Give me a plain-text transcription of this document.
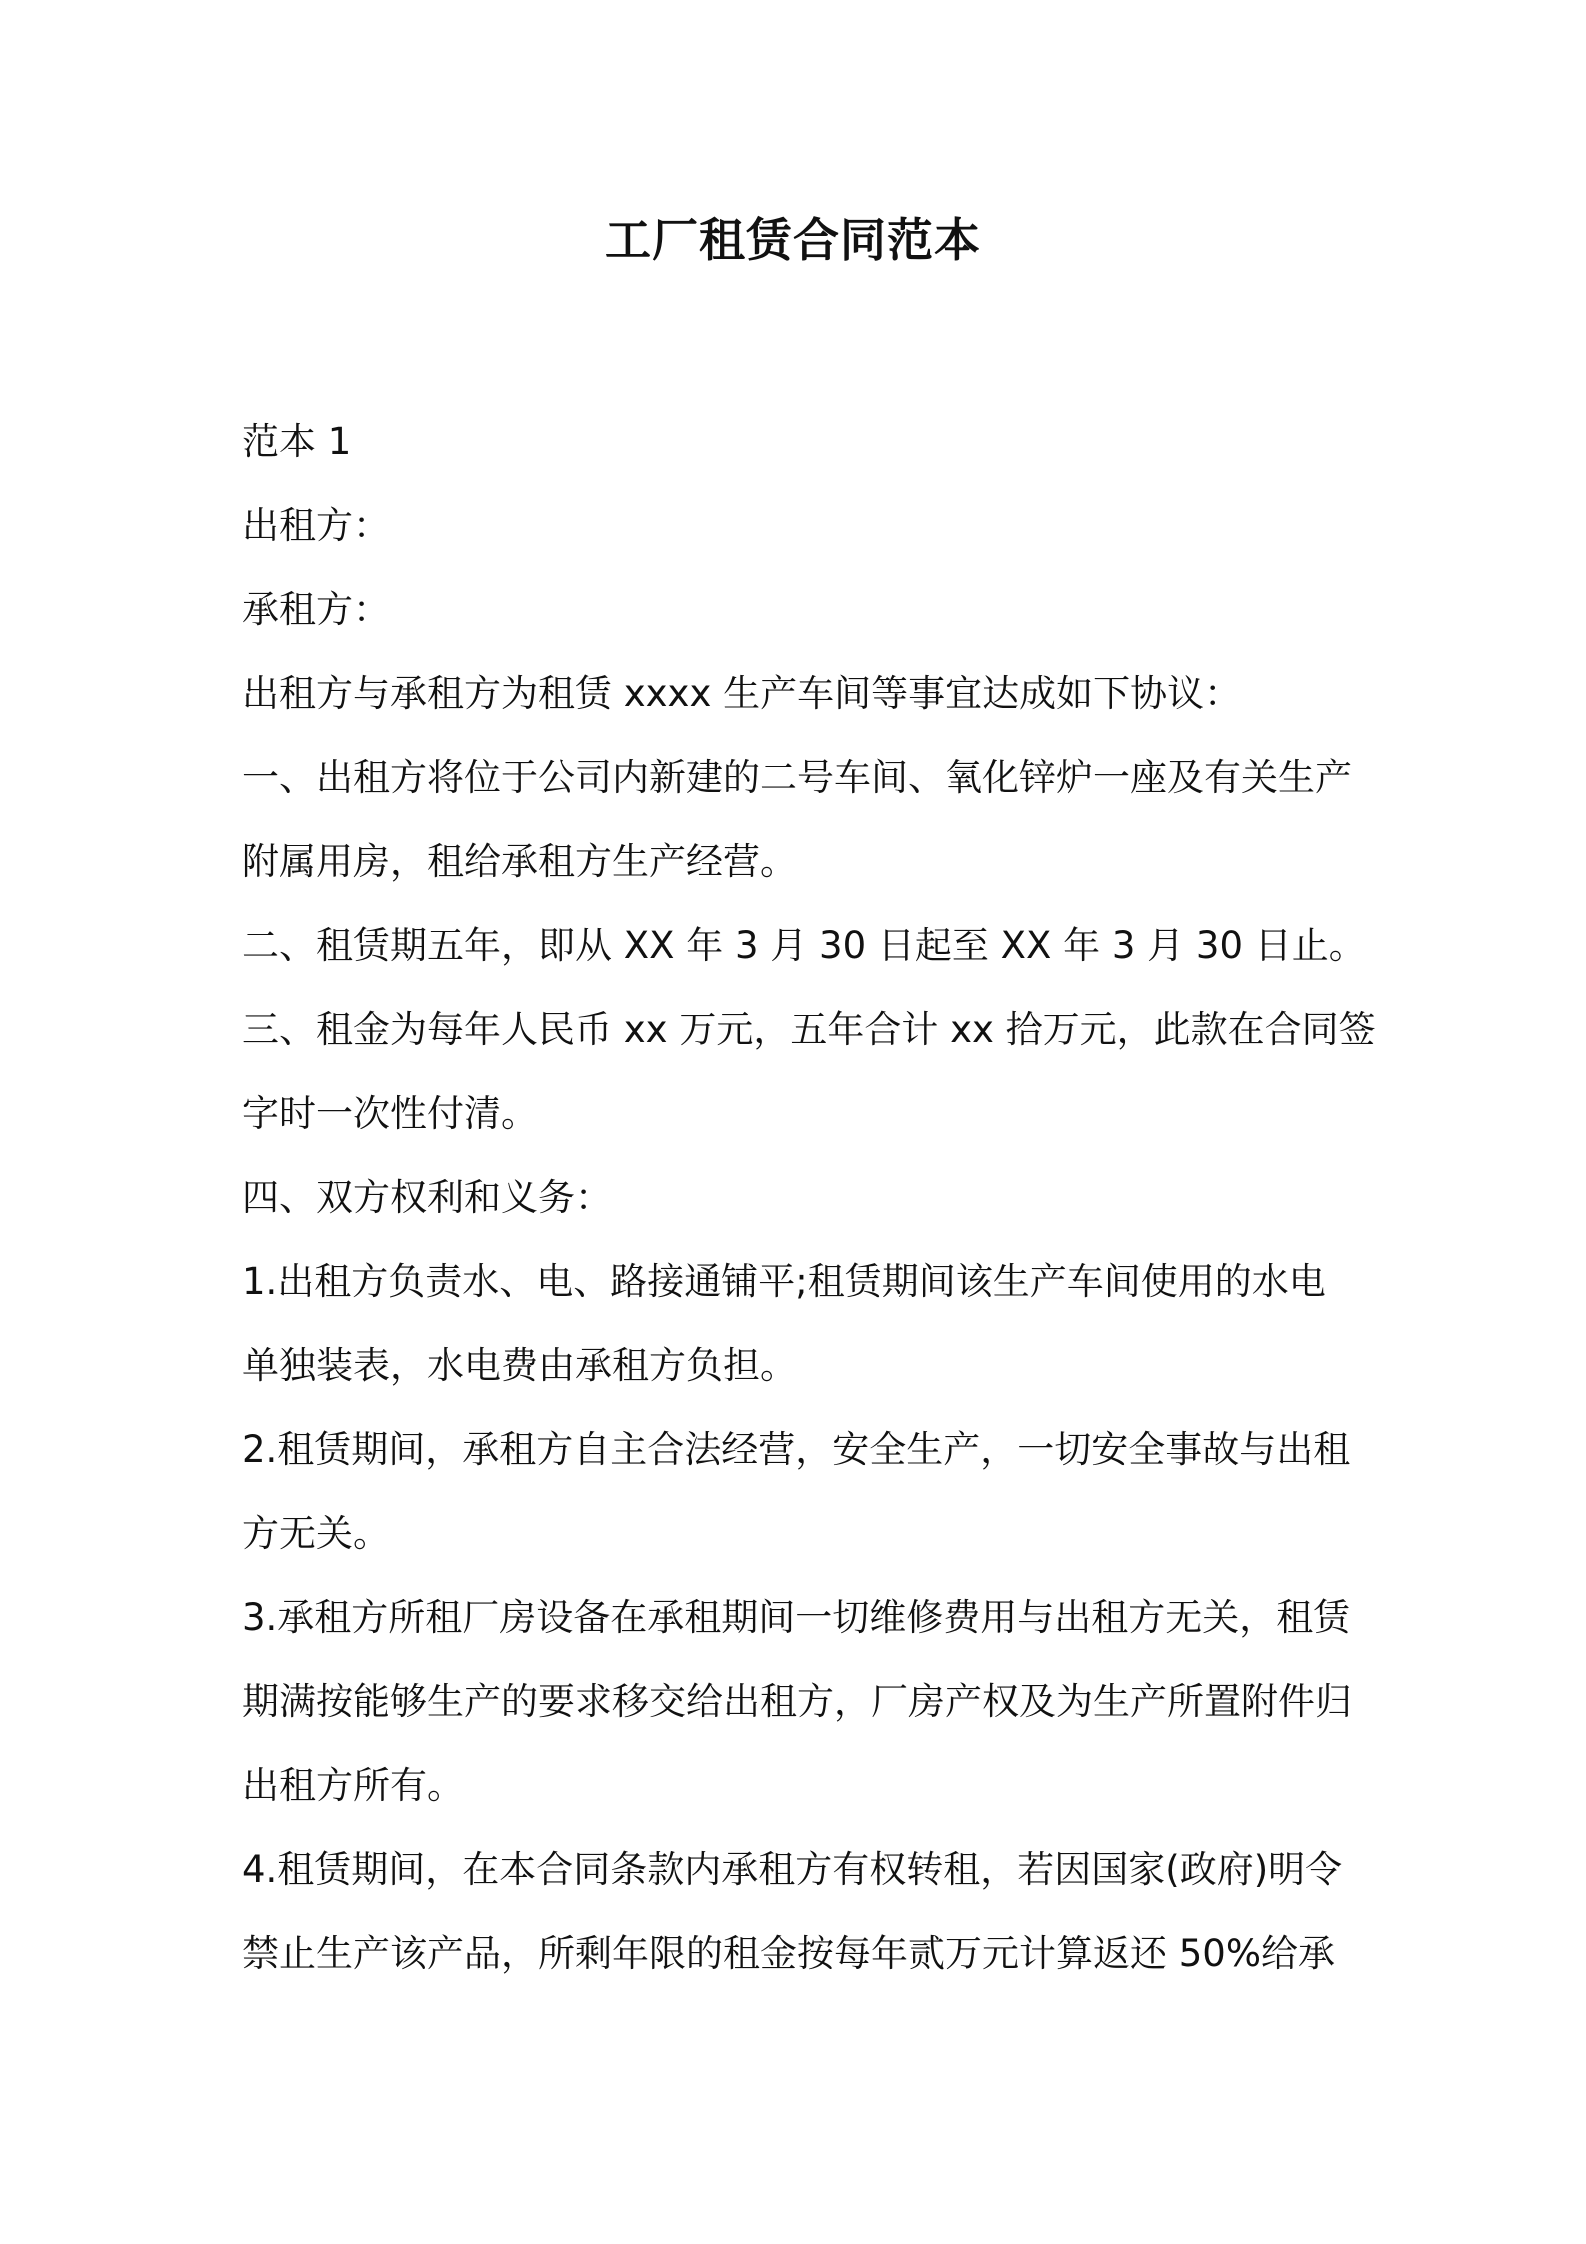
工厂租赁合同范本
范本 1
出租方：
承租方：
出租方与承租方为租赁 xxxx 生产车间等事宜达成如下协议：
一、出租方将位于公司内新建的二号车间、氧化锌炉一座及有关生产
附属用房，租给承租方生产经营。
二、租赁期五年，即从 XX 年 3 月 30 日起至 XX 年 3 月 30 日止。
三、租金为每年人民币 xx 万元，五年合计 xx 拾万元，此款在合同签
字时一次性付清。
四、双方权利和义务：
1.出租方负责水、电、路接通铺平;租赁期间该生产车间使用的水电
单独装表，水电费由承租方负担。
2.租赁期间，承租方自主合法经营，安全生产，一切安全事故与出租
方无关。
3.承租方所租厂房设备在承租期间一切维修费用与出租方无关，租赁
期满按能够生产的要求移交给出租方，厂房产权及为生产所置附件归
出租方所有。
4.租赁期间，在本合同条款内承租方有权转租，若因国家(政府)明令
禁止生产该产品，所剩年限的租金按每年贰万元计算返还 50%给承
